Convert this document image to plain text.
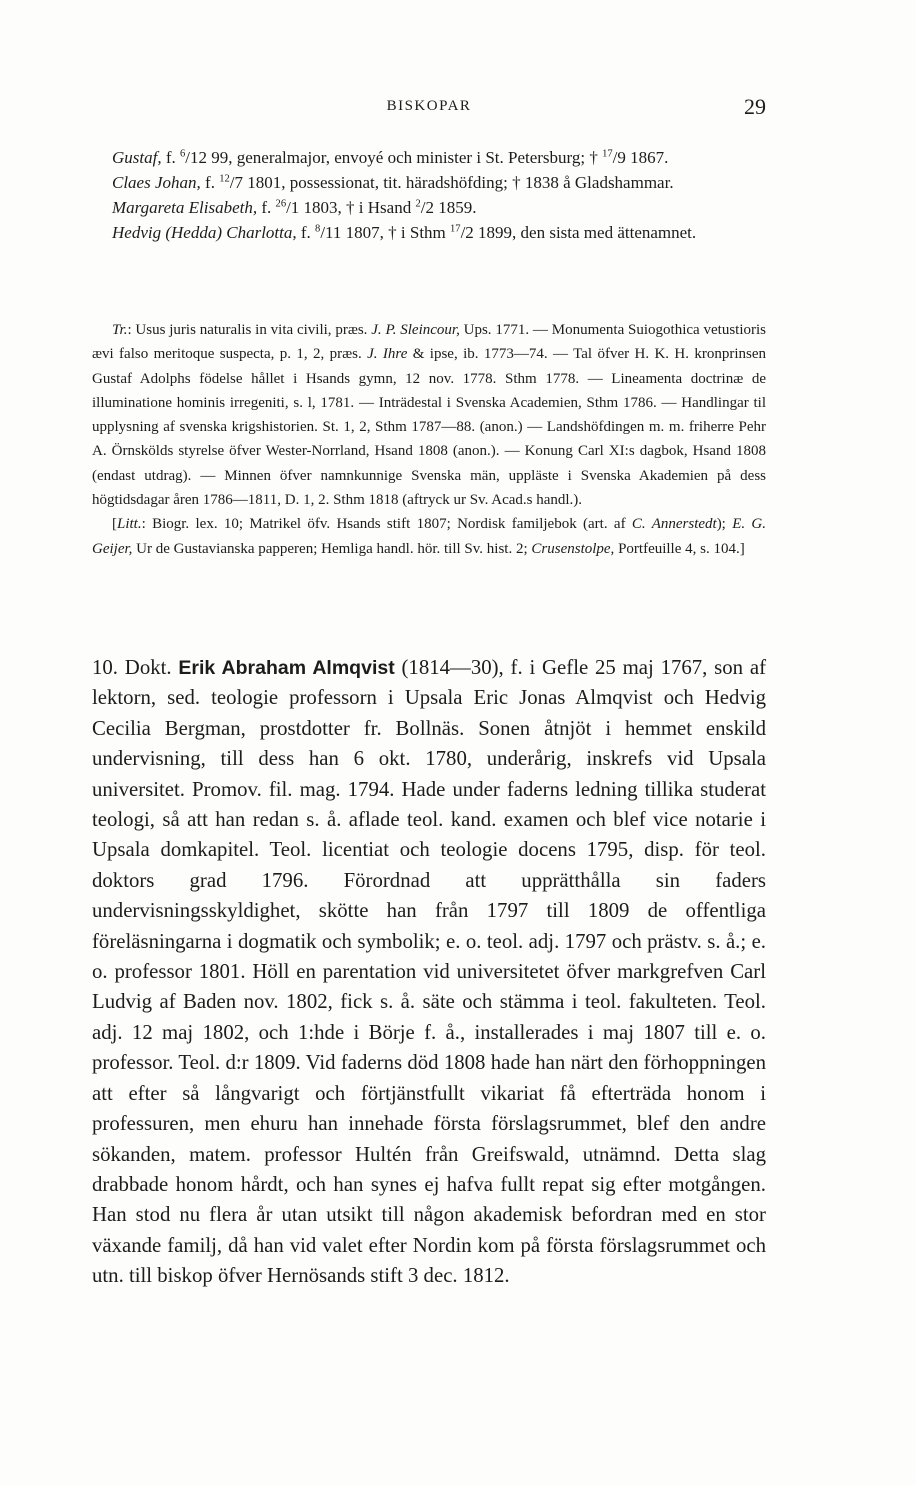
BISKOPAR	29

Gustaf, f. $^6$/12 99, generalmajor, envoyé och minister i St. Petersburg; † $^{17}$/9 1867.

Claes Johan, f. $^{12}$/7 1801, possessionat, tit. häradshöfding; † 1838 å Gladshammar.

Margareta Elisabeth, f. $^{26}$/1 1803, † i Hsand $^2$/2 1859.

Hedvig (Hedda) Charlotta, f. $^8$/11 1807, † i Sthm $^{17}$/2 1899, den sista med ättenamnet.

Tr.: Usus juris naturalis in vita civili, præs. J. P. Sleincour, Ups. 1771. — Monumenta Suiogothica vetustioris ævi falso meritoque suspecta, p. 1, 2, præs. J. Ihre & ipse, ib. 1773—74. — Tal öfver H. K. H. kronprinsen Gustaf Adolphs födelse hållet i Hsands gymn, 12 nov. 1778. Sthm 1778. — Lineamenta doctrinæ de illuminatione hominis irregeniti, s. l, 1781. — Inträdestal i Svenska Academien, Sthm 1786. — Handlingar til upplysning af svenska krigshistorien. St. 1, 2, Sthm 1787—88. (anon.) — Landshöfdingen m. m. friherre Pehr A. Örnskölds styrelse öfver Wester-Norrland, Hsand 1808 (anon.). — Konung Carl XI:s dagbok, Hsand 1808 (endast utdrag). — Minnen öfver namnkunnige Svenska män, uppläste i Svenska Akademien på dess högtidsdagar åren 1786—1811, D. 1, 2. Sthm 1818 (aftryck ur Sv. Acad.s handl.).

[Litt.: Biogr. lex. 10; Matrikel öfv. Hsands stift 1807; Nordisk familjebok (art. af C. Annerstedt); E. G. Geijer, Ur de Gustavianska papperen; Hemliga handl. hör. till Sv. hist. 2; Crusenstolpe, Portfeuille 4, s. 104.]

10. Dokt. Erik Abraham Almqvist (1814—30), f. i Gefle 25 maj 1767, son af lektorn, sed. teologie professorn i Upsala Eric Jonas Almqvist och Hedvig Cecilia Bergman, prostdotter fr. Bollnäs. Sonen åtnjöt i hemmet enskild undervisning, till dess han 6 okt. 1780, underårig, inskrefs vid Upsala universitet. Promov. fil. mag. 1794. Hade under faderns ledning tillika studerat teologi, så att han redan s. å. aflade teol. kand. examen och blef vice notarie i Upsala domkapitel. Teol. licentiat och teologie docens 1795, disp. för teol. doktors grad 1796. Förordnad att upprätthålla sin faders undervisningsskyldighet, skötte han från 1797 till 1809 de offentliga föreläsningarna i dogmatik och symbolik; e. o. teol. adj. 1797 och prästv. s. å.; e. o. professor 1801. Höll en parentation vid universitetet öfver markgrefven Carl Ludvig af Baden nov. 1802, fick s. å. säte och stämma i teol. fakulteten. Teol. adj. 12 maj 1802, och 1:hde i Börje f. å., installerades i maj 1807 till e. o. professor. Teol. d:r 1809. Vid faderns död 1808 hade han närt den förhoppningen att efter så långvarigt och förtjänstfullt vikariat få efterträda honom i professuren, men ehuru han innehade första förslagsrummet, blef den andre sökanden, matem. professor Hultén från Greifswald, utnämnd. Detta slag drabbade honom hårdt, och han synes ej hafva fullt repat sig efter motgången. Han stod nu flera år utan utsikt till någon akademisk befordran med en stor växande familj, då han vid valet efter Nordin kom på första förslagsrummet och utn. till biskop öfver Hernösands stift 3 dec. 1812.
